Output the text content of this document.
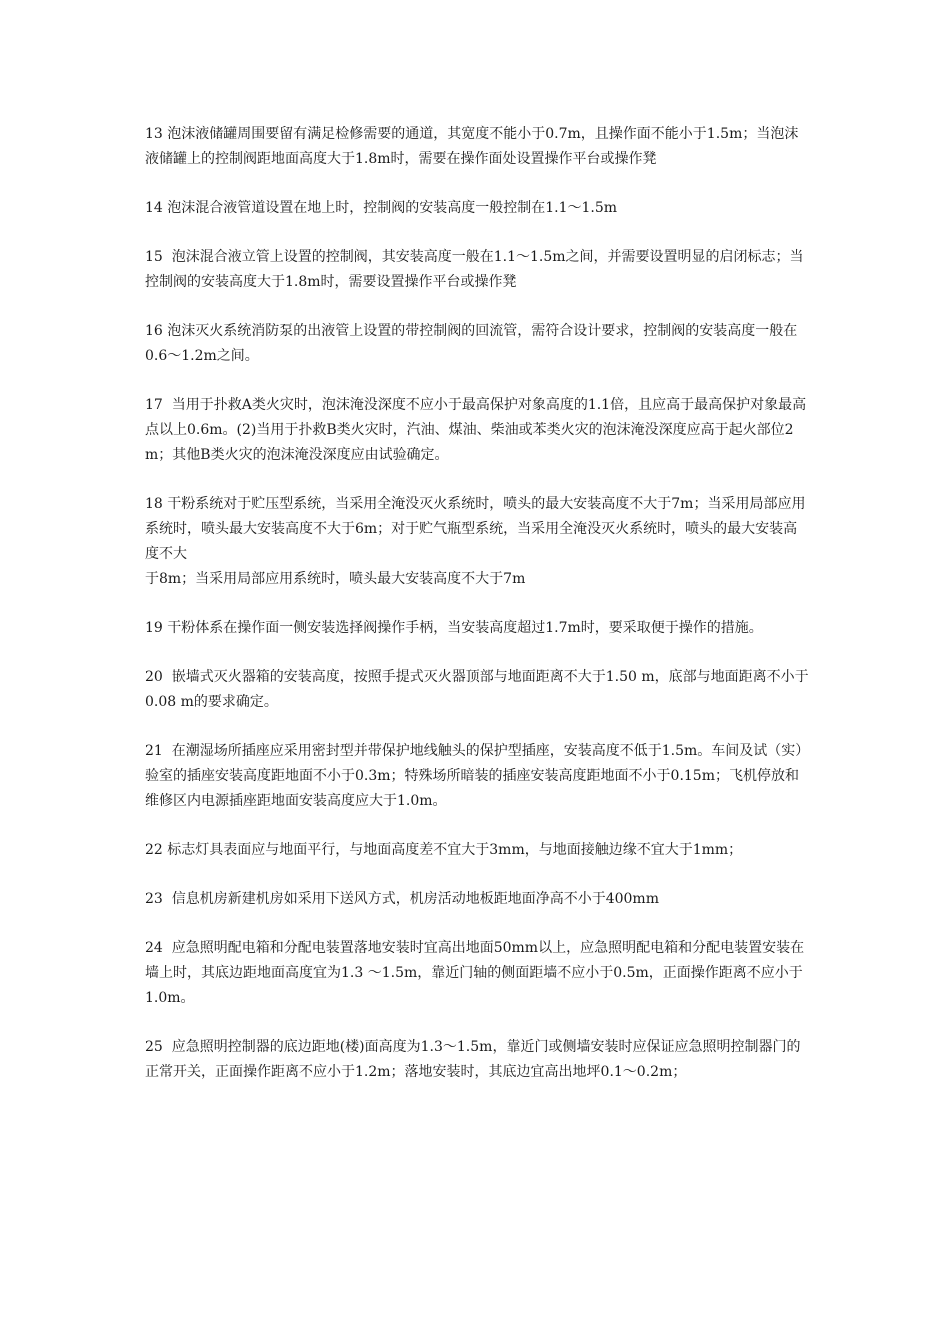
13 泡沫液储罐周围要留有满足检修需要的通道，其宽度不能小于0.7m，且操作面不能小于1.5m；当泡沫液储罐上的控制阀距地面高度大于1.8m时，需要在操作面处设置操作平台或操作凳

14 泡沫混合液管道设置在地上时，控制阀的安装高度一般控制在1.1～1.5m

15  泡沫混合液立管上设置的控制阀，其安装高度一般在1.1～1.5m之间，并需要设置明显的启闭标志；当控制阀的安装高度大于1.8m时，需要设置操作平台或操作凳

16 泡沫灭火系统消防泵的出液管上设置的带控制阀的回流管，需符合设计要求，控制阀的安装高度一般在0.6～1.2m之间。

17  当用于扑救A类火灾时，泡沫淹没深度不应小于最高保护对象高度的1.1倍，且应高于最高保护对象最高点以上0.6m。(2)当用于扑救B类火灾时，汽油、煤油、柴油或苯类火灾的泡沫淹没深度应高于起火部位2m；其他B类火灾的泡沫淹没深度应由试验确定。

18 干粉系统对于贮压型系统，当采用全淹没灭火系统时，喷头的最大安装高度不大于7m；当采用局部应用系统时，喷头最大安装高度不大于6m；对于贮气瓶型系统，当采用全淹没灭火系统时，喷头的最大安装高度不大
于8m；当采用局部应用系统时，喷头最大安装高度不大于7m

19 干粉体系在操作面一侧安装选择阀操作手柄，当安装高度超过1.7m时，要采取便于操作的措施。

20  嵌墙式灭火器箱的安装高度，按照手提式灭火器顶部与地面距离不大于1.50 m，底部与地面距离不小于0.08 m的要求确定。

21  在潮湿场所插座应采用密封型并带保护地线触头的保护型插座，安装高度不低于1.5m。车间及试（实）验室的插座安装高度距地面不小于0.3m；特殊场所暗装的插座安装高度距地面不小于0.15m；飞机停放和维修区内电源插座距地面安装高度应大于1.0m。

22 标志灯具表面应与地面平行，与地面高度差不宜大于3mm，与地面接触边缘不宜大于1mm；

23  信息机房新建机房如采用下送风方式，机房活动地板距地面净高不小于400mm

24  应急照明配电箱和分配电装置落地安装时宜高出地面50mm以上，应急照明配电箱和分配电装置安装在墙上时，其底边距地面高度宜为1.3 ～1.5m，靠近门轴的侧面距墙不应小于0.5m，正面操作距离不应小于1.0m。

25  应急照明控制器的底边距地(楼)面高度为1.3～1.5m，靠近门或侧墙安装时应保证应急照明控制器门的正常开关，正面操作距离不应小于1.2m；落地安装时，其底边宜高出地坪0.1～0.2m；
